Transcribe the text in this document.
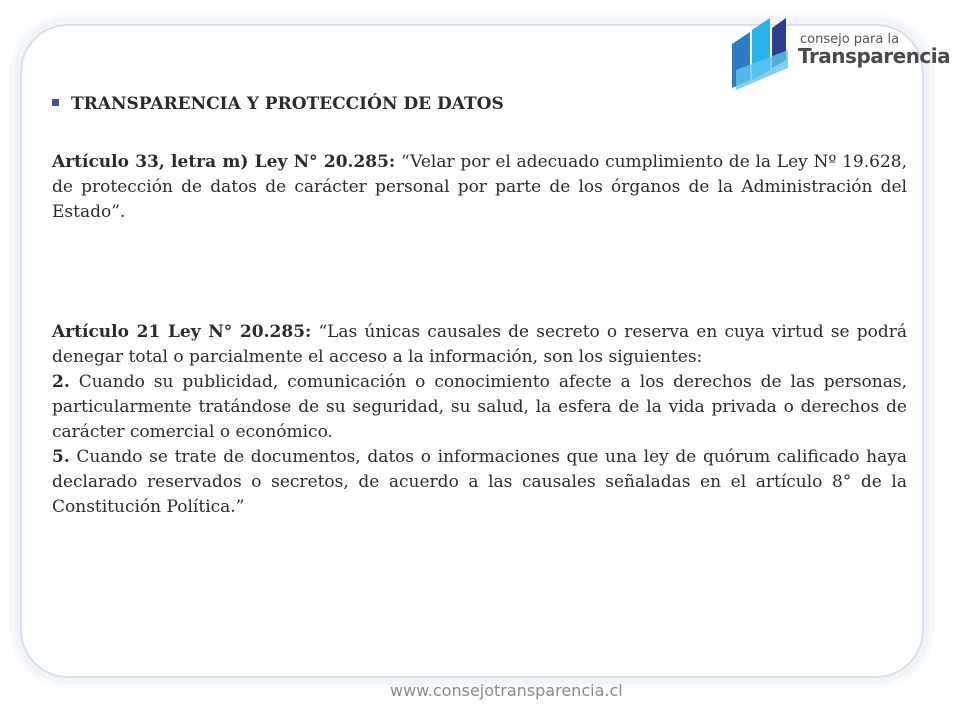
consejo para la
Transparencia
TRANSPARENCIA Y PROTECCIÓN DE DATOS

Artículo 33, letra m) Ley N° 20.285: “Velar por el adecuado cumplimiento de la Ley Nº 19.628, de protección de datos de carácter personal por parte de los órganos de la Administración del Estado”.

Artículo 21 Ley N° 20.285: “Las únicas causales de secreto o reserva en cuya virtud se podrá denegar total o parcialmente el acceso a la información, son los siguientes:

2. Cuando su publicidad, comunicación o conocimiento afecte a los derechos de las personas, particularmente tratándose de su seguridad, su salud, la esfera de la vida privada o derechos de carácter comercial o económico.

5. Cuando se trate de documentos, datos o informaciones que una ley de quórum calificado haya declarado reservados o secretos, de acuerdo a las causales señaladas en el artículo 8° de la Constitución Política.”

www.consejotransparencia.cl
